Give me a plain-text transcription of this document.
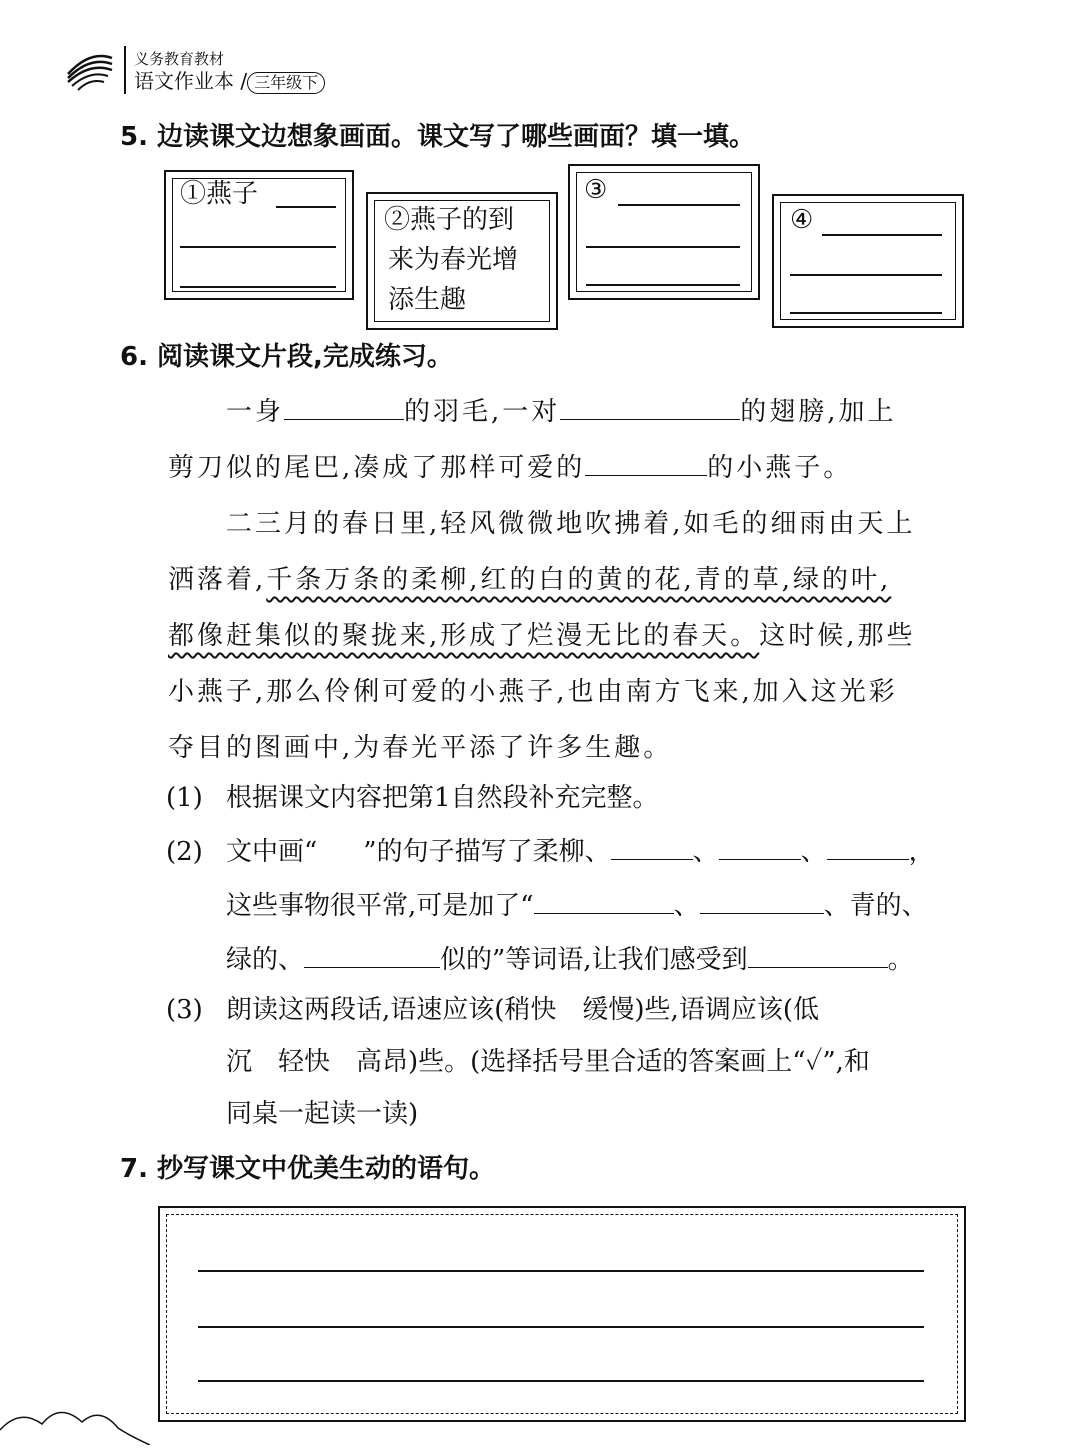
义务教育教材
语文作业本 / 三年级下
5. 边读课文边想象画面。课文写了哪些画面？填一填。
①燕子
②燕子的到
来为春光增
添生趣
③
④
6. 阅读课文片段,完成练习。
一身	的羽毛,一对	的翅膀,加上
剪刀似的尾巴,凑成了那样可爱的	的小燕子。
二三月的春日里,轻风微微地吹拂着,如毛的细雨由天上
洒落着,千条万条的柔柳,红的白的黄的花,青的草,绿的叶,
都像赶集似的聚拢来,形成了烂漫无比的春天。这时候,那些
小燕子,那么伶俐可爱的小燕子,也由南方飞来,加入这光彩
夺目的图画中,为春光平添了许多生趣。
(1) 根据课文内容把第1自然段补充完整。
(2) 文中画“ ”的句子描写了柔柳、	、	、	，
这些事物很平常,可是加了“	、	、青的、
绿的、	似的”等词语,让我们感受到	。
(3) 朗读这两段话,语速应该(稍快　缓慢)些,语调应该(低
沉　轻快　高昂)些。(选择括号里合适的答案画上“✓”,和
同桌一起读一读)
7. 抄写课文中优美生动的语句。
